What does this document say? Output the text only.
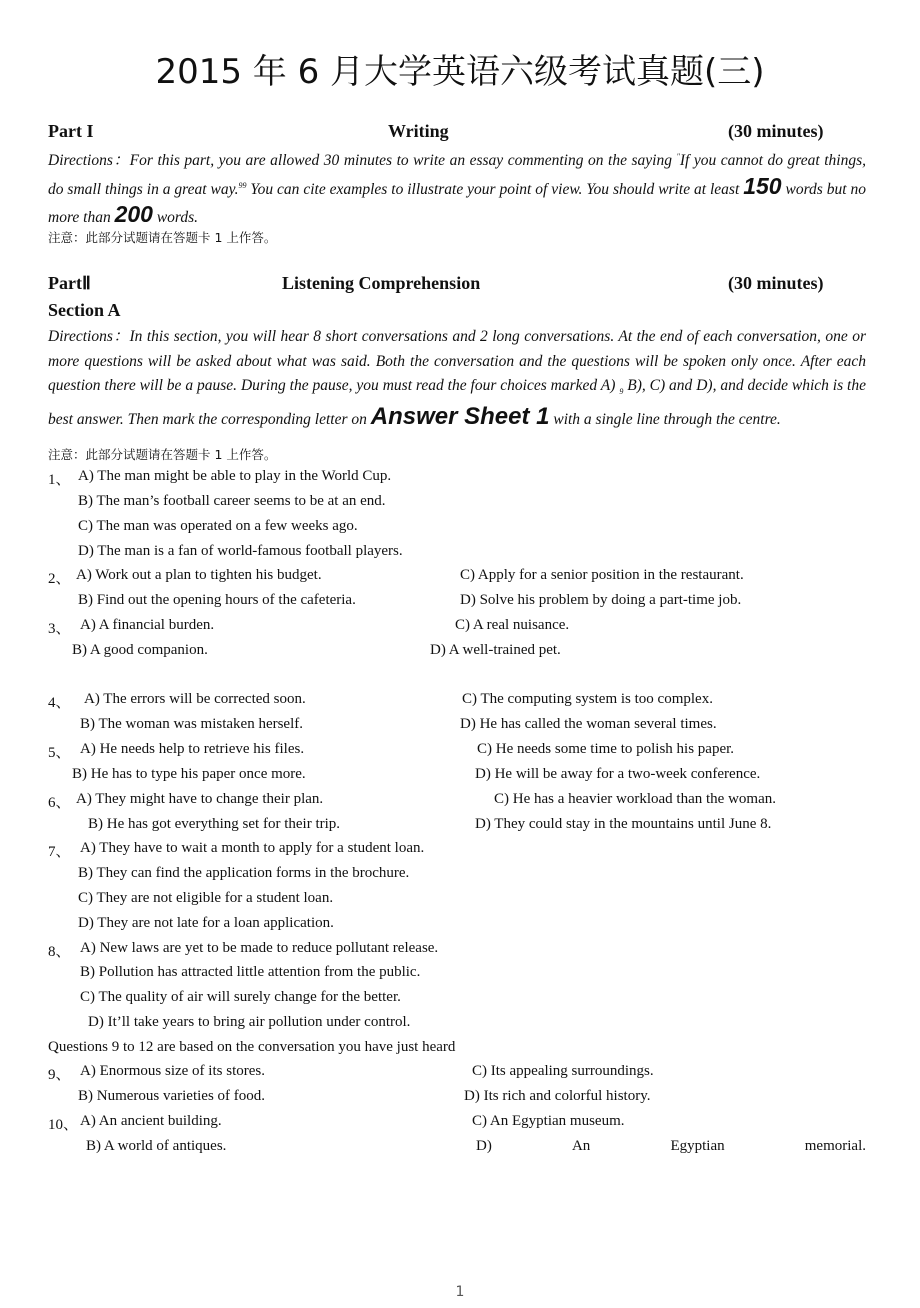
2015 年 6 月大学英语六级考试真题(三)
Part I	Writing	(30 minutes)
Directions：For this part, you are allowed 30 minutes to write an essay commenting on the saying "If you cannot do great things, do small things in a great way.$^{99}$ You can cite examples to illustrate your point of view. You should write at least 150 words but no more than 200 words.
注意：此部分试题请在答题卡 1 上作答。
PartⅡ	Listening Comprehension	(30 minutes)
Section A
Directions：In this section, you will hear 8 short conversations and 2 long conversations. At the end of each conversation, one or more questions will be asked about what was said. Both the conversation and the questions will be spoken only once. After each question there will be a pause. During the pause, you must read the four choices marked A) $_9$ B), C) and D), and decide which is the best answer. Then mark the corresponding letter on Answer Sheet 1 with a single line through the centre.
注意：此部分试题请在答题卡 1 上作答。
1、 A) The man might be able to play in the World Cup.
B) The man’s football career seems to be at an end.
C) The man was operated on a few weeks ago.
D) The man is a fan of world-famous football players.
2、 A) Work out a plan to tighten his budget.	C) Apply for a senior position in the restaurant.
B) Find out the opening hours of the cafeteria.	D) Solve his problem by doing a part-time job.
3、 A) A financial burden.	C) A real nuisance.
B) A good companion.	D) A well-trained pet.
4、 A) The errors will be corrected soon.	C) The computing system is too complex.
B) The woman was mistaken herself.	D) He has called the woman several times.
5、 A) He needs help to retrieve his files.	C) He needs some time to polish his paper.
B) He has to type his paper once more.	D) He will be away for a two-week conference.
6、 A) They might have to change their plan.	C) He has a heavier workload than the woman.
B) He has got everything set for their trip.	D) They could stay in the mountains until June 8.
7、 A) They have to wait a month to apply for a student loan.
B) They can find the application forms in the brochure.
C) They are not eligible for a student loan.
D) They are not late for a loan application.
8、 A) New laws are yet to be made to reduce pollutant release.
B) Pollution has attracted little attention from the public.
C) The quality of air will surely change for the better.
D) It’ll take years to bring air pollution under control.
Questions 9 to 12 are based on the conversation you have just heard
9、 A) Enormous size of its stores.	C) Its appealing surroundings.
B) Numerous varieties of food.	D) Its rich and colorful history.
10、 A) An ancient building.	C) An Egyptian museum.
B) A world of antiques.	D)	An	Egyptian	memorial.
1
